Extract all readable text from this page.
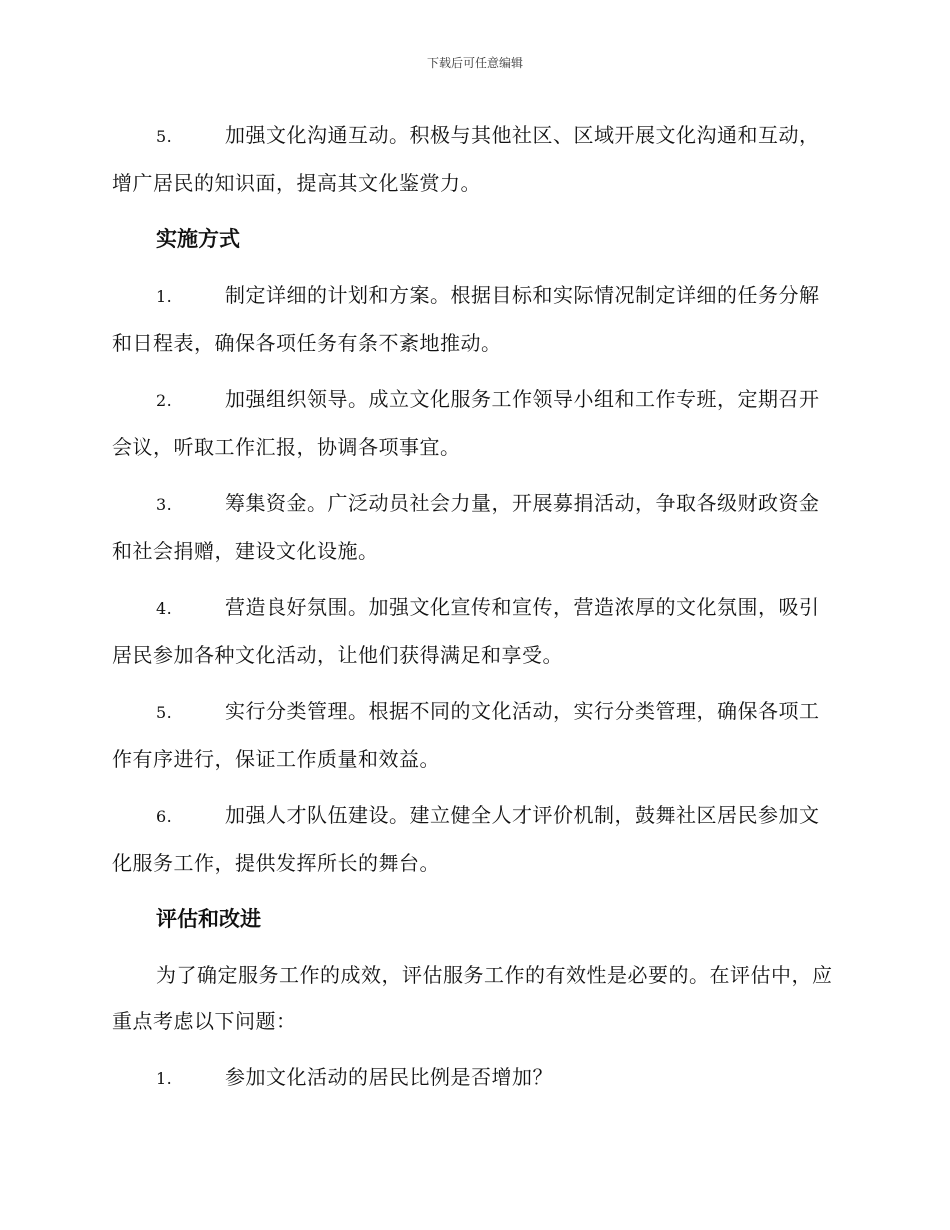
下载后可任意编辑
5.	加强文化沟通互动。积极与其他社区、区域开展文化沟通和互动，增广居民的知识面，提高其文化鉴赏力。
实施方式
1.	制定详细的计划和方案。根据目标和实际情况制定详细的任务分解和日程表，确保各项任务有条不紊地推动。
2.	加强组织领导。成立文化服务工作领导小组和工作专班，定期召开会议，听取工作汇报，协调各项事宜。
3.	筹集资金。广泛动员社会力量，开展募捐活动，争取各级财政资金和社会捐赠，建设文化设施。
4.	营造良好氛围。加强文化宣传和宣传，营造浓厚的文化氛围，吸引居民参加各种文化活动，让他们获得满足和享受。
5.	实行分类管理。根据不同的文化活动，实行分类管理，确保各项工作有序进行，保证工作质量和效益。
6.	加强人才队伍建设。建立健全人才评价机制，鼓舞社区居民参加文化服务工作，提供发挥所长的舞台。
评估和改进
为了确定服务工作的成效，评估服务工作的有效性是必要的。在评估中，应重点考虑以下问题：
1.	参加文化活动的居民比例是否增加？
